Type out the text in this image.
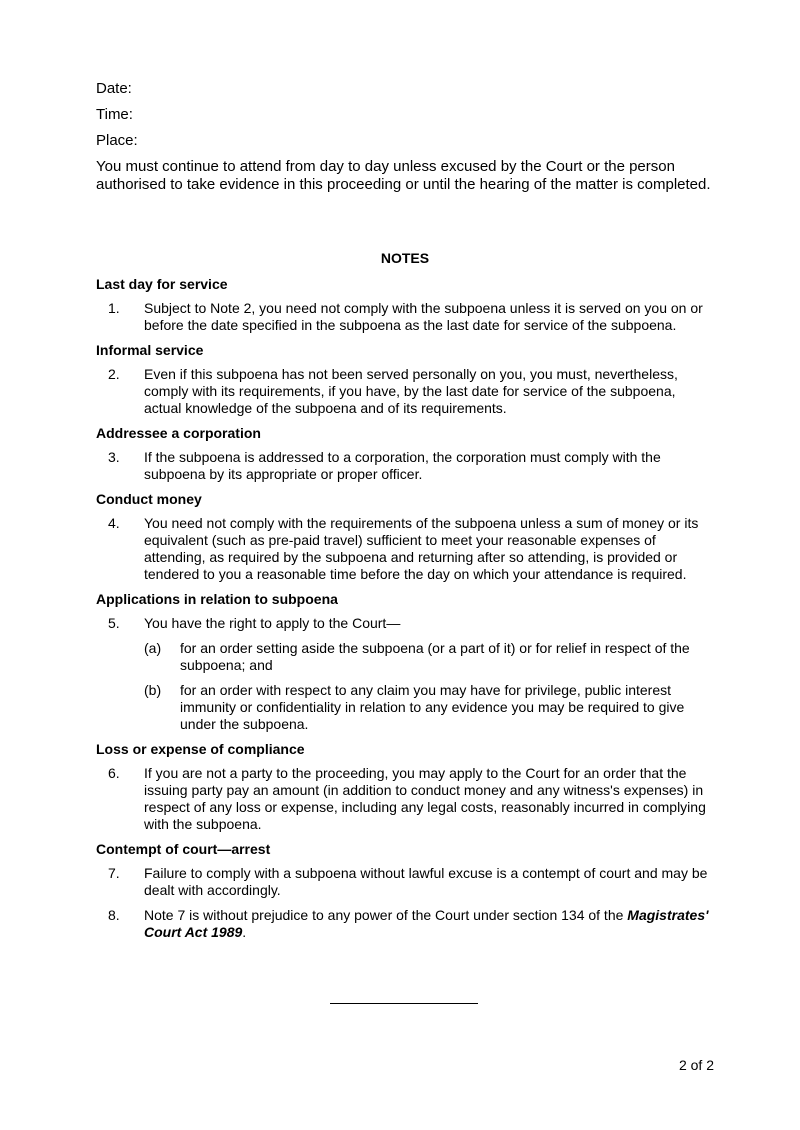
Date:

Time:

Place:

You must continue to attend from day to day unless excused by the Court or the person authorised to take evidence in this proceeding or until the hearing of the matter is completed.

NOTES

Last day for service

1.	Subject to Note 2, you need not comply with the subpoena unless it is served on you on or before the date specified in the subpoena as the last date for service of the subpoena.

Informal service

2.	Even if this subpoena has not been served personally on you, you must, nevertheless, comply with its requirements, if you have, by the last date for service of the subpoena, actual knowledge of the subpoena and of its requirements.

Addressee a corporation

3.	If the subpoena is addressed to a corporation, the corporation must comply with the subpoena by its appropriate or proper officer.

Conduct money

4.	You need not comply with the requirements of the subpoena unless a sum of money or its equivalent (such as pre-paid travel) sufficient to meet your reasonable expenses of attending, as required by the subpoena and returning after so attending, is provided or tendered to you a reasonable time before the day on which your attendance is required.

Applications in relation to subpoena

5.	You have the right to apply to the Court—
(a)	for an order setting aside the subpoena (or a part of it) or for relief in respect of the subpoena; and
(b)	for an order with respect to any claim you may have for privilege, public interest immunity or confidentiality in relation to any evidence you may be required to give under the subpoena.

Loss or expense of compliance

6.	If you are not a party to the proceeding, you may apply to the Court for an order that the issuing party pay an amount (in addition to conduct money and any witness's expenses) in respect of any loss or expense, including any legal costs, reasonably incurred in complying with the subpoena.

Contempt of court—arrest

7.	Failure to comply with a subpoena without lawful excuse is a contempt of court and may be dealt with accordingly.
8.	Note 7 is without prejudice to any power of the Court under section 134 of the Magistrates' Court Act 1989.
2 of 2
